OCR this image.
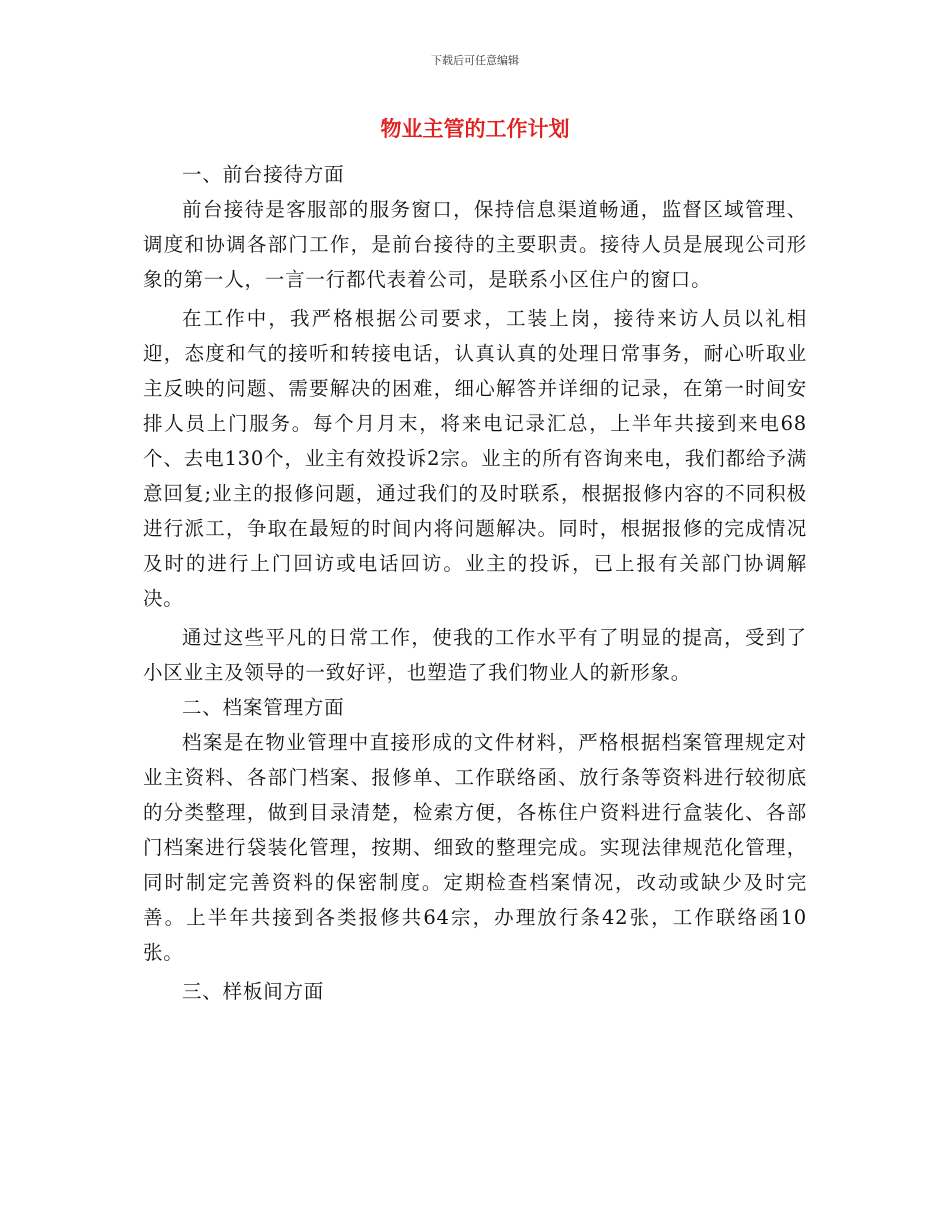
下载后可任意编辑
物业主管的工作计划

一、前台接待方面

前台接待是客服部的服务窗口，保持信息渠道畅通，监督区域管理、调度和协调各部门工作，是前台接待的主要职责。接待人员是展现公司形象的第一人，一言一行都代表着公司，是联系小区住户的窗口。

在工作中，我严格根据公司要求，工装上岗，接待来访人员以礼相迎，态度和气的接听和转接电话，认真认真的处理日常事务，耐心听取业主反映的问题、需要解决的困难，细心解答并详细的记录，在第一时间安排人员上门服务。每个月月末，将来电记录汇总，上半年共接到来电68个、去电130个，业主有效投诉2宗。业主的所有咨询来电，我们都给予满意回复;业主的报修问题，通过我们的及时联系，根据报修内容的不同积极进行派工，争取在最短的时间内将问题解决。同时，根据报修的完成情况及时的进行上门回访或电话回访。业主的投诉，已上报有关部门协调解决。

通过这些平凡的日常工作，使我的工作水平有了明显的提高，受到了小区业主及领导的一致好评，也塑造了我们物业人的新形象。

二、档案管理方面

档案是在物业管理中直接形成的文件材料，严格根据档案管理规定对业主资料、各部门档案、报修单、工作联络函、放行条等资料进行较彻底的分类整理，做到目录清楚，检索方便，各栋住户资料进行盒装化、各部门档案进行袋装化管理，按期、细致的整理完成。实现法律规范化管理，同时制定完善资料的保密制度。定期检查档案情况，改动或缺少及时完善。上半年共接到各类报修共64宗，办理放行条42张，工作联络函10张。

三、样板间方面
